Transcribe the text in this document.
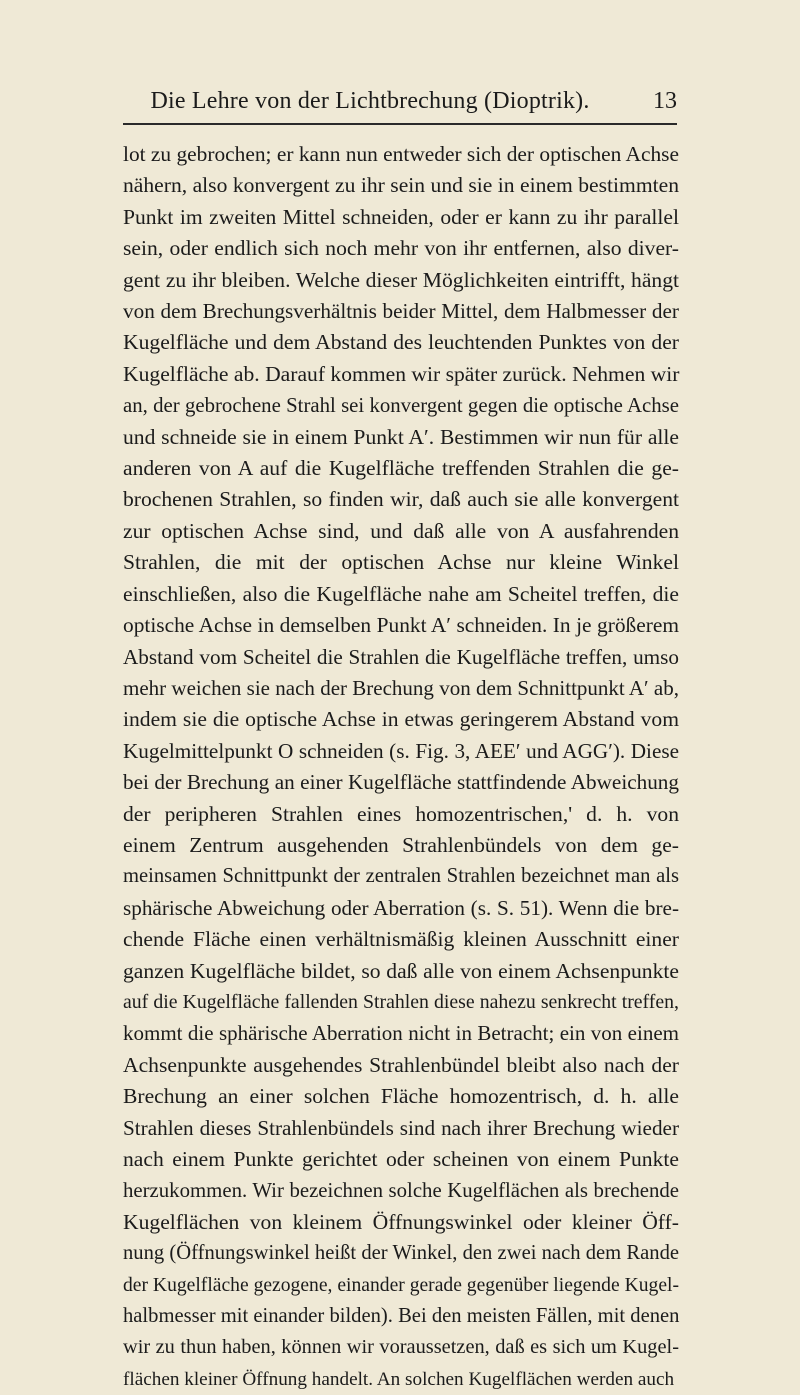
Die Lehre von der Lichtbrechung (Dioptrik).	13
lot zu gebrochen; er kann nun entweder sich der optischen Achse
nähern, also konvergent zu ihr sein und sie in einem bestimmten
Punkt im zweiten Mittel schneiden, oder er kann zu ihr parallel
sein, oder endlich sich noch mehr von ihr entfernen, also diver-
gent zu ihr bleiben. Welche dieser Möglichkeiten eintrifft, hängt
von dem Brechungsverhältnis beider Mittel, dem Halbmesser der
Kugelfläche und dem Abstand des leuchtenden Punktes von der
Kugelfläche ab. Darauf kommen wir später zurück. Nehmen wir
an, der gebrochene Strahl sei konvergent gegen die optische Achse
und schneide sie in einem Punkt A′. Bestimmen wir nun für alle
anderen von A auf die Kugelfläche treffenden Strahlen die ge-
brochenen Strahlen, so finden wir, daß auch sie alle konvergent
zur optischen Achse sind, und daß alle von A ausfahrenden
Strahlen, die mit der optischen Achse nur kleine Winkel
einschließen, also die Kugelfläche nahe am Scheitel treffen, die
optische Achse in demselben Punkt A′ schneiden. In je größerem
Abstand vom Scheitel die Strahlen die Kugelfläche treffen, umso
mehr weichen sie nach der Brechung von dem Schnittpunkt A′ ab,
indem sie die optische Achse in etwas geringerem Abstand vom
Kugelmittelpunkt O schneiden (s. Fig. 3, AEE′ und AGG′). Diese
bei der Brechung an einer Kugelfläche stattfindende Abweichung
der peripheren Strahlen eines homozentrischen,' d. h. von
einem Zentrum ausgehenden Strahlenbündels von dem ge-
meinsamen Schnittpunkt der zentralen Strahlen bezeichnet man als
sphärische Abweichung oder Aberration (s. S. 51). Wenn die bre-
chende Fläche einen verhältnismäßig kleinen Ausschnitt einer
ganzen Kugelfläche bildet, so daß alle von einem Achsenpunkte
auf die Kugelfläche fallenden Strahlen diese nahezu senkrecht treffen,
kommt die sphärische Aberration nicht in Betracht; ein von einem
Achsenpunkte ausgehendes Strahlenbündel bleibt also nach der
Brechung an einer solchen Fläche homozentrisch, d. h. alle
Strahlen dieses Strahlenbündels sind nach ihrer Brechung wieder
nach einem Punkte gerichtet oder scheinen von einem Punkte
herzukommen. Wir bezeichnen solche Kugelflächen als brechende
Kugelflächen von kleinem Öffnungswinkel oder kleiner Öff-
nung (Öffnungswinkel heißt der Winkel, den zwei nach dem Rande
der Kugelfläche gezogene, einander gerade gegenüber liegende Kugel-
halbmesser mit einander bilden). Bei den meisten Fällen, mit denen
wir zu thun haben, können wir voraussetzen, daß es sich um Kugel-
flächen kleiner Öffnung handelt. An solchen Kugelflächen werden auch
